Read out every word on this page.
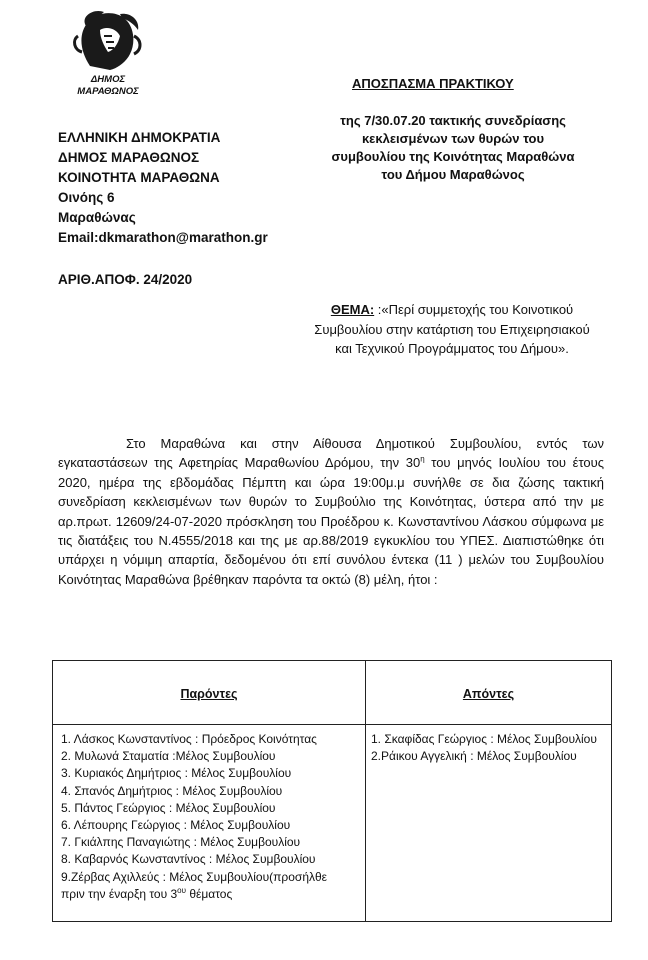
ΔΗΜΟΣ
ΜΑΡΑΘΩΝΟΣ
ΑΠΟΣΠΑΣΜΑ ΠΡΑΚΤΙΚΟΥ
της 7/30.07.20 τακτικής συνεδρίασης
κεκλεισμένων των θυρών του
συμβουλίου της Κοινότητας Μαραθώνα
του Δήμου Μαραθώνος
ΕΛΛΗΝΙΚΗ ΔΗΜΟΚΡΑΤΙΑ
ΔΗΜΟΣ ΜΑΡΑΘΩΝΟΣ
ΚΟΙΝΟΤΗΤΑ ΜΑΡΑΘΩΝΑ
Οινόης 6
Μαραθώνας
Email:dkmarathon@marathon.gr
ΑΡΙΘ.ΑΠΟΦ. 24/2020
ΘΕΜΑ: :«Περί συμμετοχής του Κοινοτικού Συμβουλίου στην κατάρτιση του Επιχειρησιακού και Τεχνικού Προγράμματος του Δήμου».
Στο Μαραθώνα και στην Αίθουσα Δημοτικού Συμβουλίου, εντός των εγκαταστάσεων της Αφετηρίας Μαραθωνίου Δρόμου, την $30^\eta$ του μηνός Ιουλίου του έτους 2020, ημέρα της εβδομάδας Πέμπτη και ώρα 19:00μ.μ συνήλθε σε δια ζώσης τακτική συνεδρίαση κεκλεισμένων των θυρών το Συμβούλιο της Κοινότητας, ύστερα από την με αρ.πρωτ. 12609/24-07-2020 πρόσκληση του Προέδρου κ. Κωνσταντίνου Λάσκου σύμφωνα με τις διατάξεις του Ν.4555/2018 και της με αρ.88/2019 εγκυκλίου του ΥΠΕΣ. Διαπιστώθηκε ότι υπάρχει η νόμιμη απαρτία, δεδομένου ότι επί συνόλου έντεκα (11 ) μελών του Συμβουλίου Κοινότητας Μαραθώνα βρέθηκαν παρόντα τα οκτώ (8) μέλη, ήτοι :
Παρόντες	Απόντες
1. Λάσκος Κωνσταντίνος : Πρόεδρος Κοινότητας
2. Μυλωνά Σταματία :Μέλος Συμβουλίου
3. Κυριακός Δημήτριος : Μέλος Συμβουλίου
4. Σπανός Δημήτριος : Μέλος Συμβουλίου
5. Πάντος Γεώργιος : Μέλος Συμβουλίου
6. Λέπουρης Γεώργιος : Μέλος Συμβουλίου
7. Γκιάλπης Παναγιώτης : Μέλος Συμβουλίου
8. Καβαρνός Κωνσταντίνος : Μέλος Συμβουλίου
9.Ζέρβας Αχιλλεύς : Μέλος Συμβουλίου(προσήλθε
πριν την έναρξη του $3^{o\upsilon}$ θέματος
1. Σκαφίδας Γεώργιος : Μέλος Συμβουλίου
2.Ράικου Αγγελική : Μέλος Συμβουλίου
